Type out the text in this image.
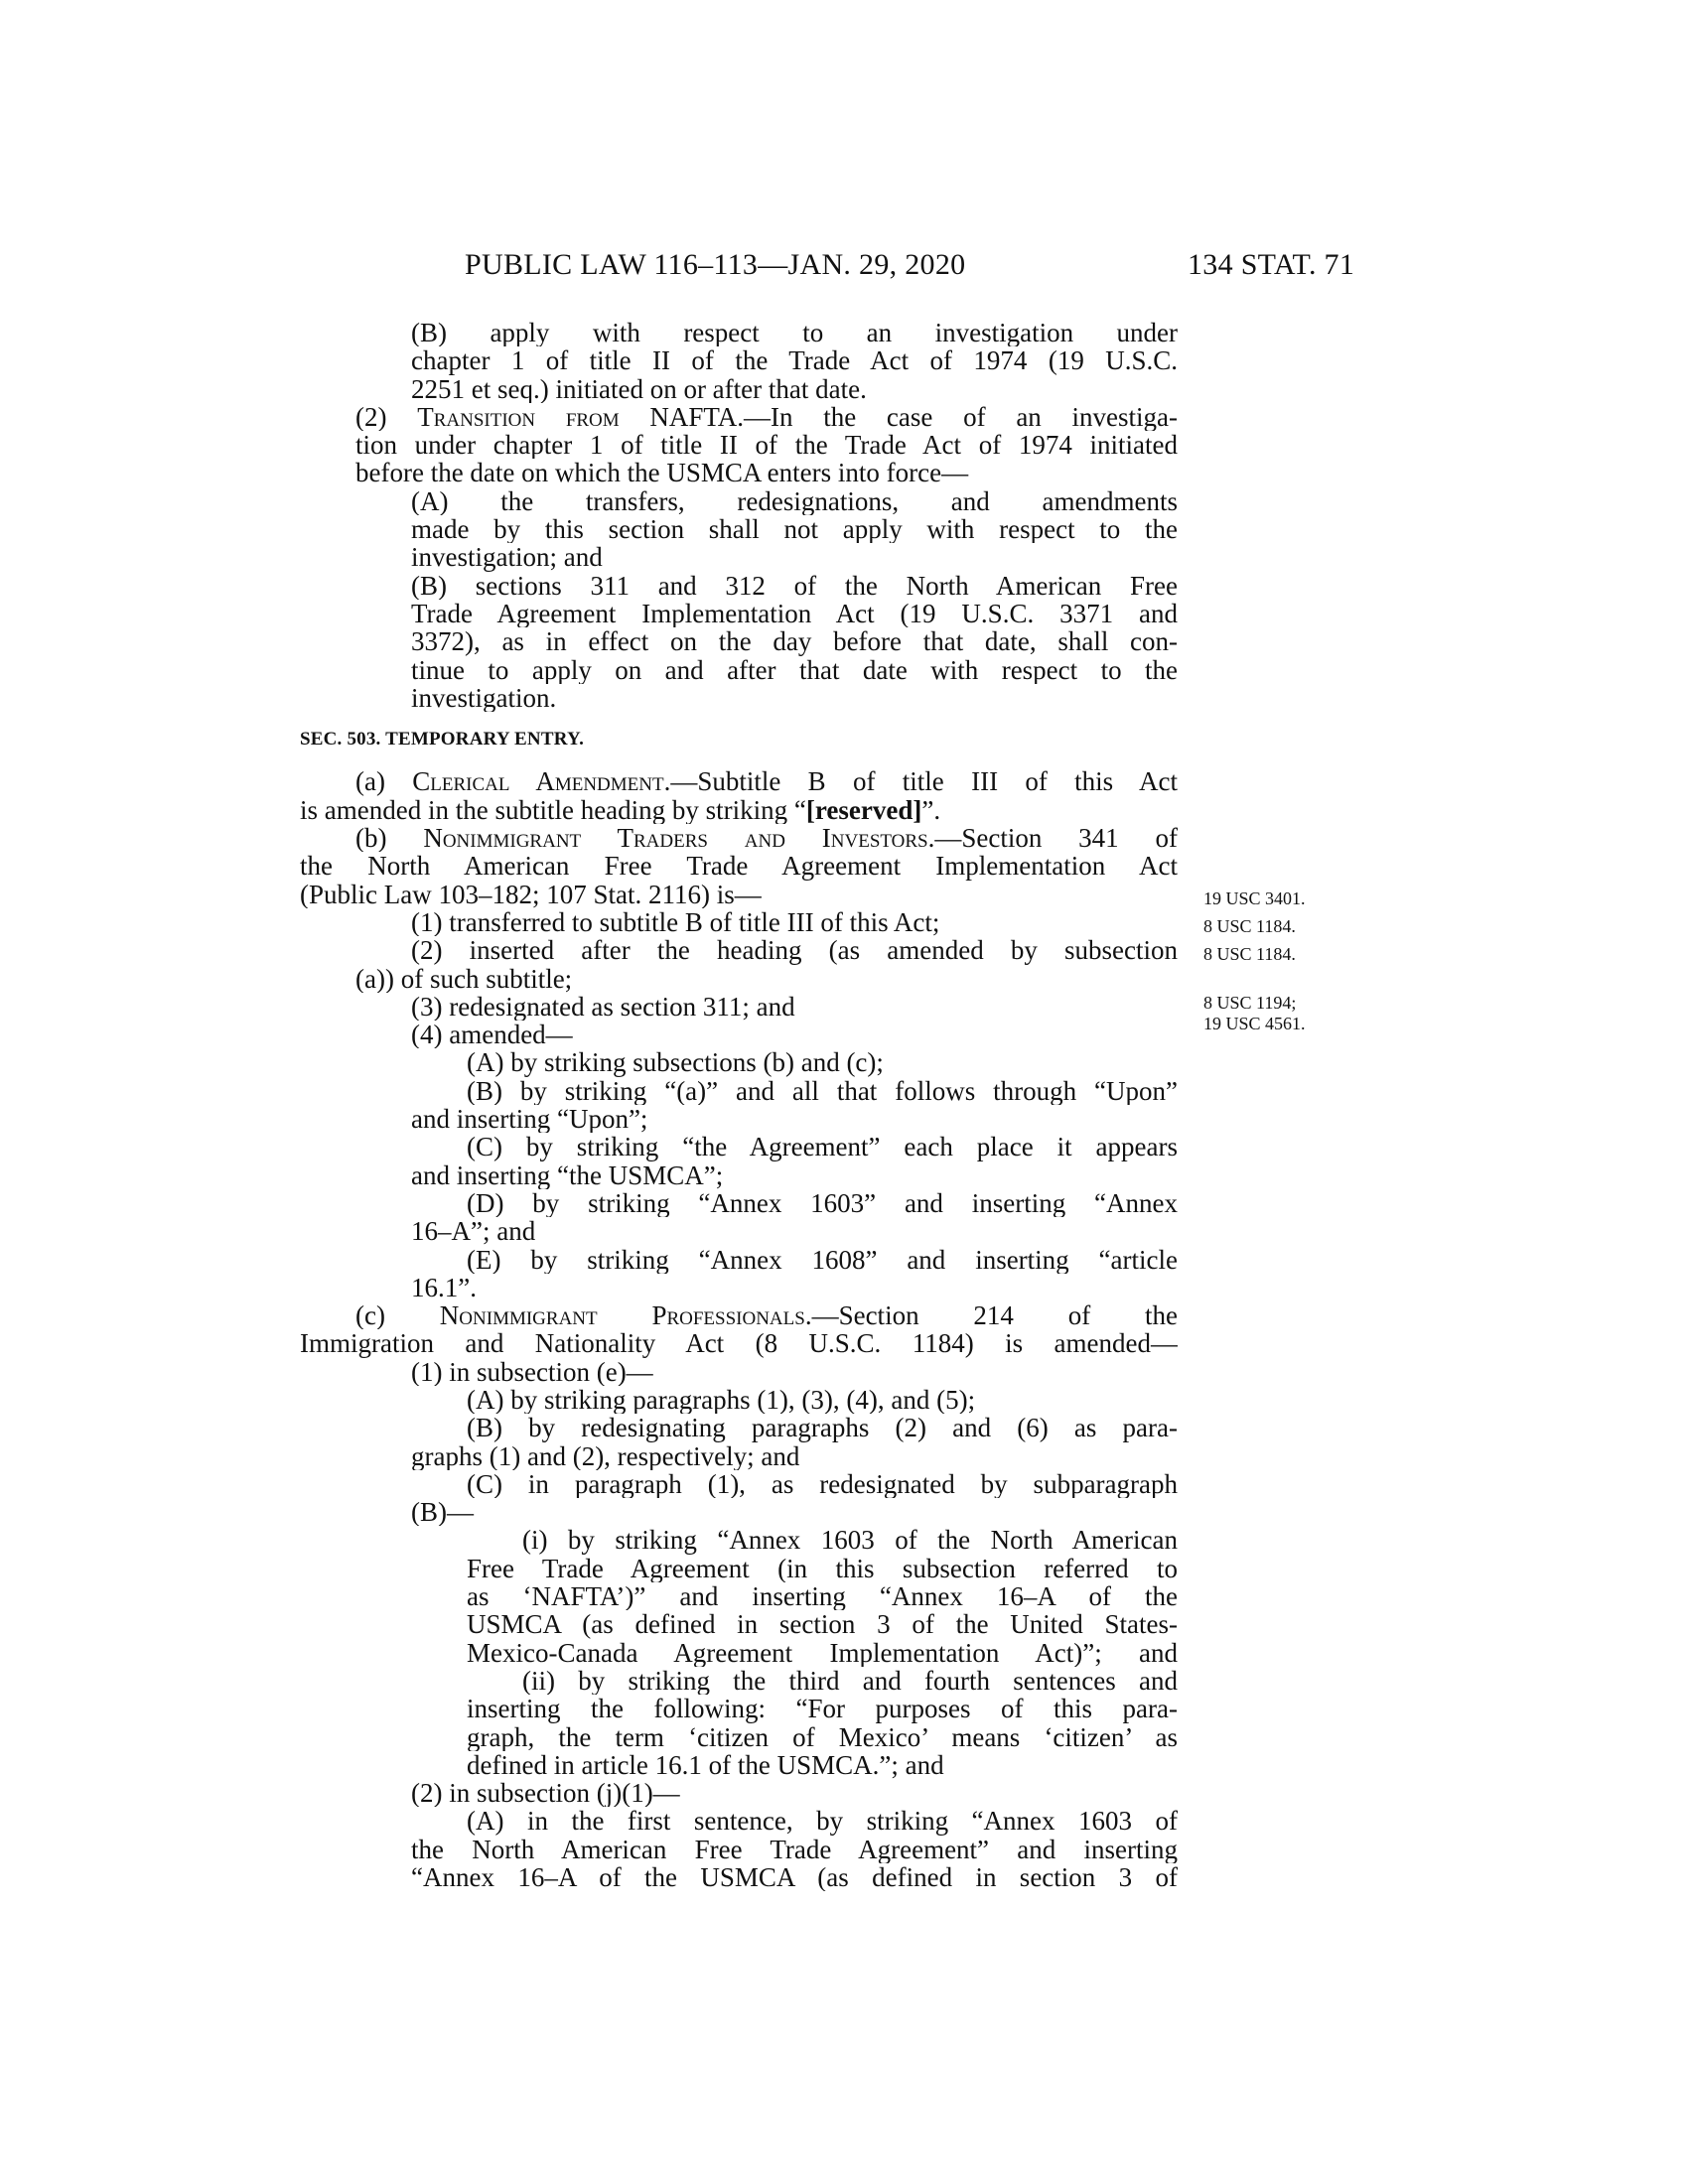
PUBLIC LAW 116–113—JAN. 29, 2020	134 STAT. 71
(B) apply with respect to an investigation under
chapter 1 of title II of the Trade Act of 1974 (19 U.S.C.
2251 et seq.) initiated on or after that date.
(2) Transition from NAFTA.—In the case of an investiga-
tion under chapter 1 of title II of the Trade Act of 1974 initiated
before the date on which the USMCA enters into force—
(A) the transfers, redesignations, and amendments
made by this section shall not apply with respect to the
investigation; and
(B) sections 311 and 312 of the North American Free
Trade Agreement Implementation Act (19 U.S.C. 3371 and
3372), as in effect on the day before that date, shall con-
tinue to apply on and after that date with respect to the
investigation.
SEC. 503. TEMPORARY ENTRY.
(a) Clerical Amendment.—Subtitle B of title III of this Act
is amended in the subtitle heading by striking “[reserved]”.
(b) Nonimmigrant Traders and Investors.—Section 341 of
the North American Free Trade Agreement Implementation Act
(Public Law 103–182; 107 Stat. 2116) is—
(1) transferred to subtitle B of title III of this Act;
(2) inserted after the heading (as amended by subsection
(a)) of such subtitle;
(3) redesignated as section 311; and
(4) amended—
(A) by striking subsections (b) and (c);
(B) by striking “(a)” and all that follows through “Upon”
and inserting “Upon”;
(C) by striking “the Agreement” each place it appears
and inserting “the USMCA”;
(D) by striking “Annex 1603” and inserting “Annex
16–A”; and
(E) by striking “Annex 1608” and inserting “article
16.1”.
(c) Nonimmigrant Professionals.—Section 214 of the
Immigration and Nationality Act (8 U.S.C. 1184) is amended—
(1) in subsection (e)—
(A) by striking paragraphs (1), (3), (4), and (5);
(B) by redesignating paragraphs (2) and (6) as para-
graphs (1) and (2), respectively; and
(C) in paragraph (1), as redesignated by subparagraph
(B)—
(i) by striking “Annex 1603 of the North American
Free Trade Agreement (in this subsection referred to
as ‘NAFTA’)” and inserting “Annex 16–A of the
USMCA (as defined in section 3 of the United States-
Mexico-Canada Agreement Implementation Act)”; and
(ii) by striking the third and fourth sentences and
inserting the following: “For purposes of this para-
graph, the term ‘citizen of Mexico’ means ‘citizen’ as
defined in article 16.1 of the USMCA.”; and
(2) in subsection (j)(1)—
(A) in the first sentence, by striking “Annex 1603 of
the North American Free Trade Agreement” and inserting
“Annex 16–A of the USMCA (as defined in section 3 of
19 USC 3401.
8 USC 1184.
8 USC 1184.
8 USC 1194;
19 USC 4561.
